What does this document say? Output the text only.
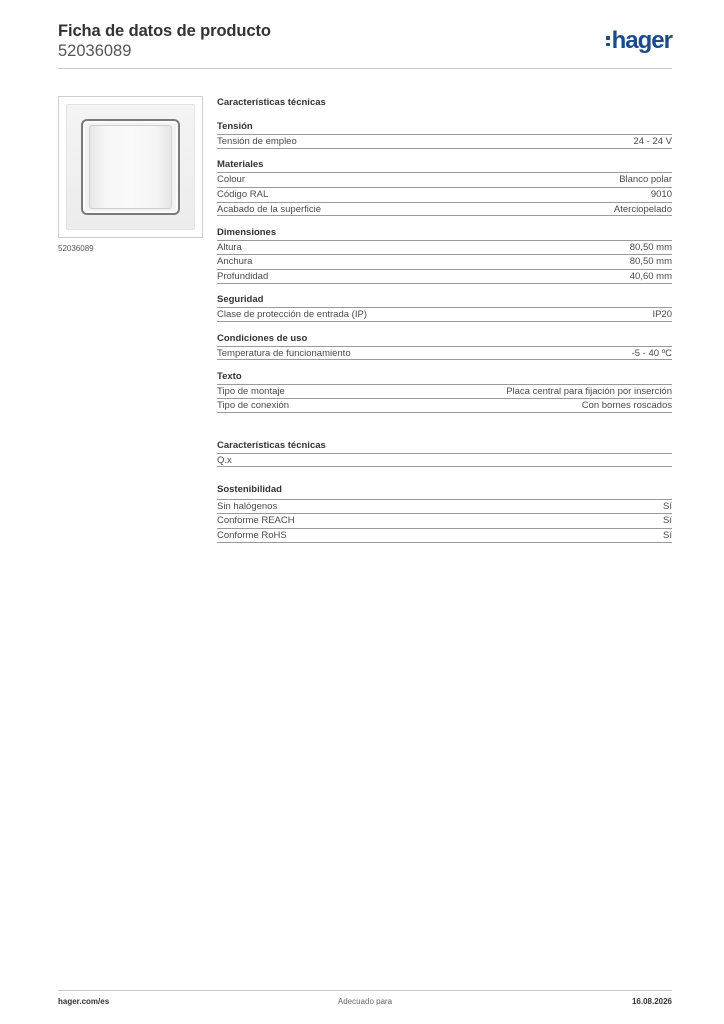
Ficha de datos de producto
52036089	hager
52036089
Características técnicas
Tensión
Tensión de empleo	24 - 24 V
Materiales
Colour	Blanco polar
Código RAL	9010
Acabado de la superficie	Aterciopelado
Dimensiones
Altura	80,50 mm
Anchura	80,50 mm
Profundidad	40,60 mm
Seguridad
Clase de protección de entrada (IP)	IP20
Condiciones de uso
Temperatura de funcionamiento	-5 - 40 ºC
Texto
Tipo de montaje	Placa central para fijación por inserción
Tipo de conexión	Con bornes roscados
Características técnicas
Q.x
Sostenibilidad
Sin halógenos	Sí
Conforme REACH	Sí
Conforme RoHS	Sí
hager.com/es	Adecuado para	16.08.2026
